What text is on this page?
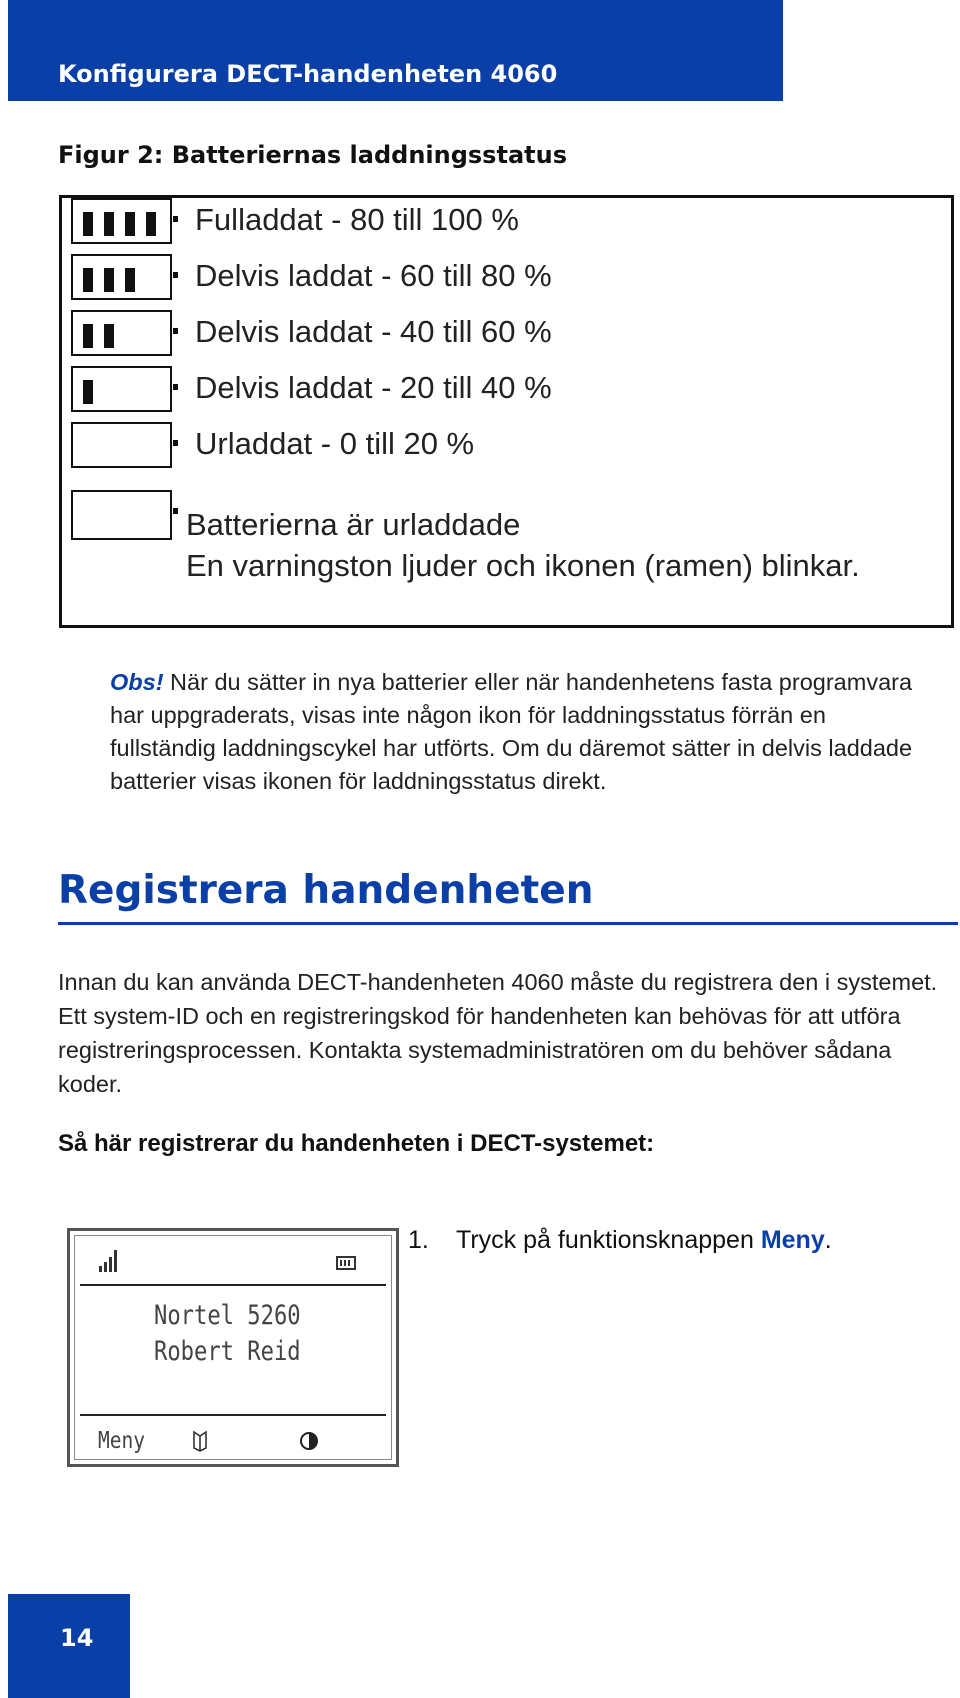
Konfigurera DECT-handenheten 4060
Figur 2: Batteriernas laddningsstatus
Fulladdat - 80 till 100 %
Delvis laddat - 60 till 80 %
Delvis laddat - 40 till 60 %
Delvis laddat - 20 till 40 %
Urladdat - 0 till 20 %
Batterierna är urladdade
En varningston ljuder och ikonen (ramen) blinkar.
Obs! När du sätter in nya batterier eller när handenhetens fasta programvara har uppgraderats, visas inte någon ikon för laddningsstatus förrän en fullständig laddningscykel har utförts. Om du däremot sätter in delvis laddade batterier visas ikonen för laddningsstatus direkt.
Registrera handenheten
Innan du kan använda DECT-handenheten 4060 måste du registrera den i systemet. Ett system-ID och en registreringskod för handenheten kan behövas för att utföra registreringsprocessen. Kontakta systemadministratören om du behöver sådana koder.
Så här registrerar du handenheten i DECT-systemet:
Nortel 5260
Robert Reid
Meny
1. Tryck på funktionsknappen Meny.
14
